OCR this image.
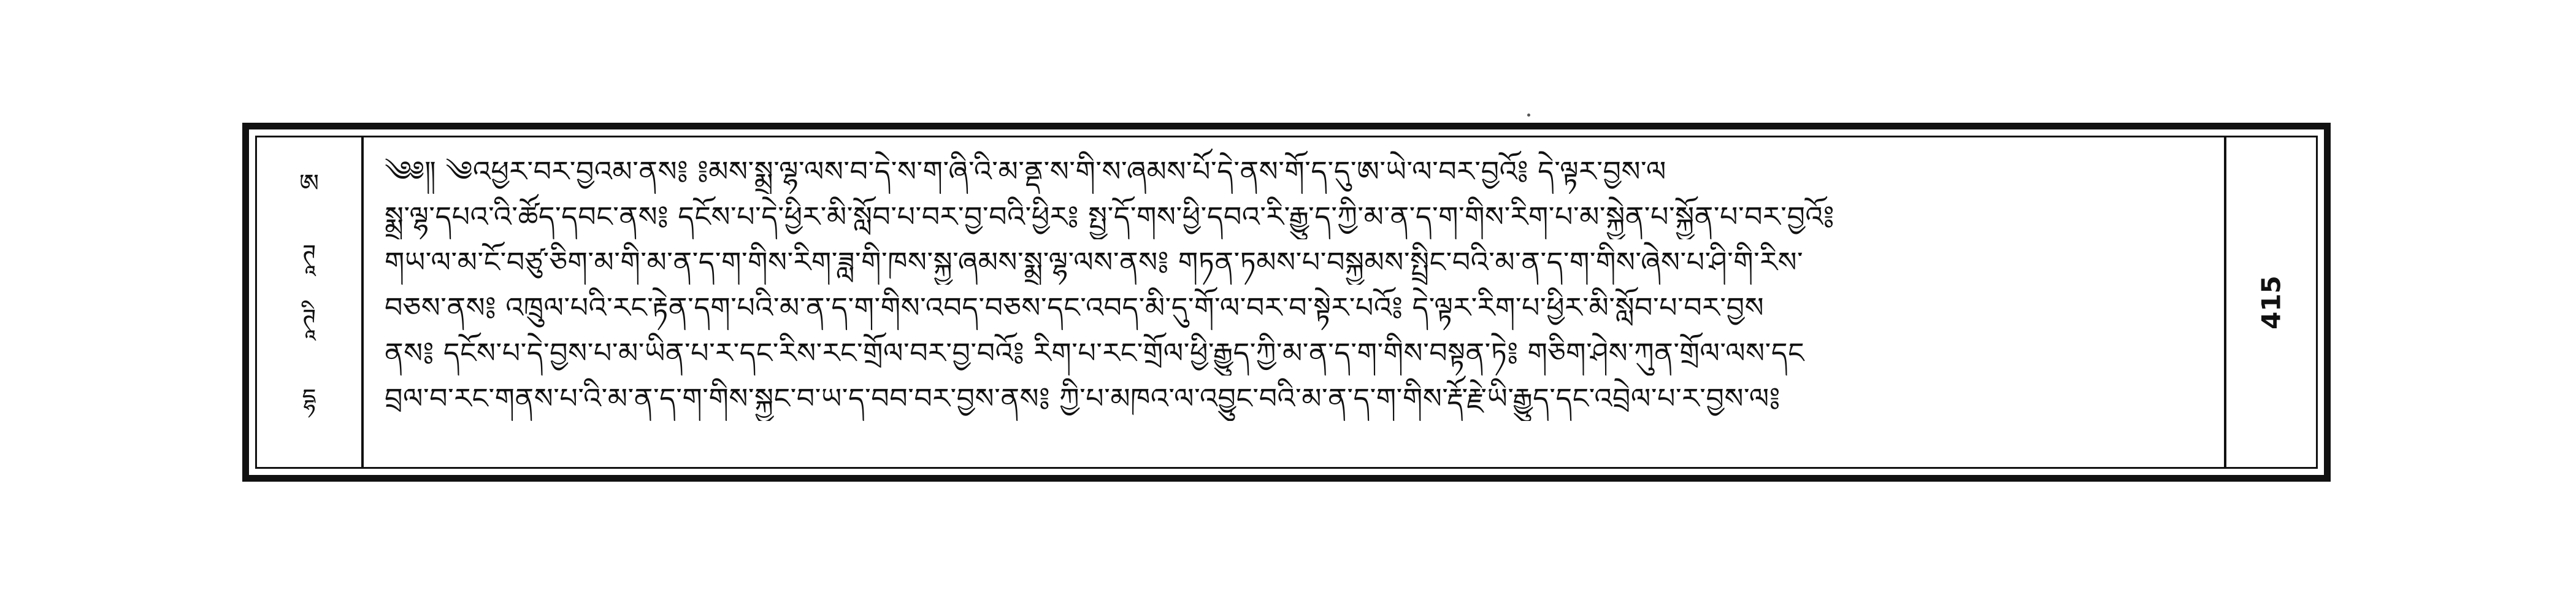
ཨ
ཊཱ
ཊཱི
དྷ
༄༅༎ ༄འཕྱར་བར་བྱའམ་ནས༔ ༔མས་སྨྲ་ལྷ་ལས་བ་དེ་ས་ག་ཞི་འི་མ་ནྡ་ས་གི་ས་ཞམས་པོ་དེ་ནས་གོ་ད་དུ་ཨ་ཡེ་ལ་བར་བྱའོ༔ དེ་ལྟར་བྱས་ལ
སྨྲ་ལྷ་དཔའ་འི་ཚོད་དབང་ནས༔ དངོས་པ་དེ་ཕྱིར་མི་སློབ་པ་བར་བྱ་བའི་ཕྱིར༔ སྤྱ་དོ་གས་ཕྱི་དབའ་རི་རྒྱུ་ད་ཀྱི་མ་ན་ད་ག་གིས་རིག་པ་མ་སྐྱེན་པ་སྐྱོན་པ་བར་བྱའོ༔
གཡ་ལ་མ་ངོ་བཙུ་ཅིག་མ་གི་མ་ན་ད་ག་གིས་རིག་ཟླ་གི་ཁས་སྐྱ་ཞམས་སྨྲ་ལྷ་ལས་ནས༔ གཏན་ཏམས་པ་བསྐྱམས་སྤྲིང་བའི་མ་ན་ད་ག་གིས་ཞེས་པ་ཤི་གི་རིས་
བཅས་ནས༔ འཁྲུལ་པའི་རང་རྟེན་དག་པའི་མ་ན་ད་ག་གིས་འབད་བཅས་དང་འབད་མི་དུ་གོ་ལ་བར་བ་སྟེར་པའོ༔ དེ་ལྟར་རིག་པ་ཕྱིར་མི་སློབ་པ་བར་བྱས
ནས༔ དངོས་པ་དེ་བྱས་པ་མ་ཡིན་པ་ར་དང་རིས་རང་གྲོལ་བར་བྱ་བའོ༔ རིག་པ་རང་གྲོལ་ཕྱི་རྒྱུད་ཀྱི་མ་ན་ད་ག་གིས་བསྟན་ཏེ༔ གཅིག་ཤེས་ཀུན་གྲོལ་ལས་དང
བྲལ་བ་རང་གནས་པ་འི་མ་ན་ད་ག་གིས་སྐྱང་བ་ཡ་ད་བབ་བར་བྱས་ནས༔ ཀྱི་པ་མཁའ་ལ་འབྱུང་བའི་མ་ན་ད་ག་གིས་རྡོ་རྗེ་ཡི་རྒྱུད་དང་འབྲེལ་པ་ར་བྱས་ལ༔
415
